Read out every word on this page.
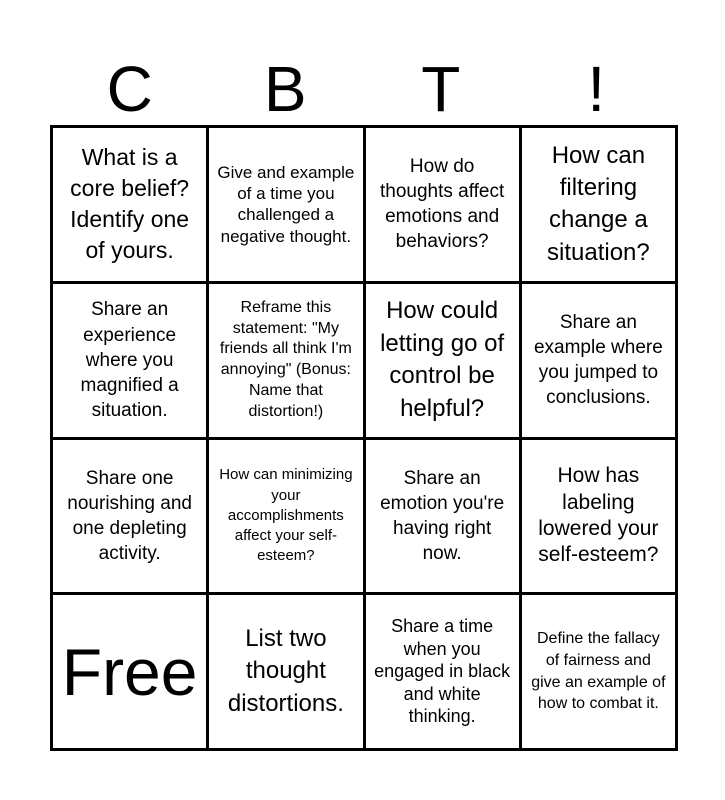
C	B	T	!
What is a core belief? Identify one of yours.
Give and example of a time you challenged a negative thought.
How do thoughts affect emotions and behaviors?
How can filtering change a situation?
Share an experience where you magnified a situation.
Reframe this statement: "My friends all think I'm annoying" (Bonus: Name that distortion!)
How could letting go of control be helpful?
Share an example where you jumped to conclusions.
Share one nourishing and one depleting activity.
How can minimizing your accomplishments affect your self-esteem?
Share an emotion you're having right now.
How has labeling lowered your self-esteem?
Free	List two thought distortions.
Share a time when you engaged in black and white thinking.
Define the fallacy of fairness and give an example of how to combat it.
